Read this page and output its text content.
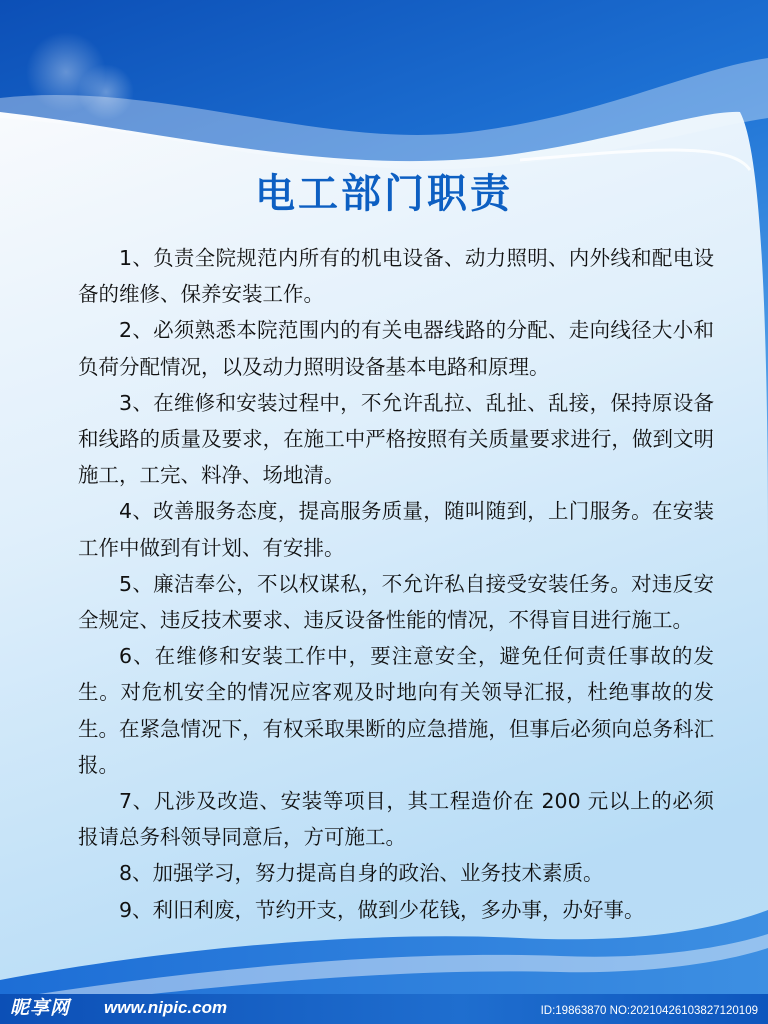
电工部门职责

1、负责全院规范内所有的机电设备、动力照明、内外线和配电设备的维修、保养安装工作。

2、必须熟悉本院范围内的有关电器线路的分配、走向线径大小和负荷分配情况，以及动力照明设备基本电路和原理。

3、在维修和安装过程中，不允许乱拉、乱扯、乱接，保持原设备和线路的质量及要求，在施工中严格按照有关质量要求进行，做到文明施工，工完、料净、场地清。

4、改善服务态度，提高服务质量，随叫随到，上门服务。在安装工作中做到有计划、有安排。

5、廉洁奉公，不以权谋私，不允许私自接受安装任务。对违反安全规定、违反技术要求、违反设备性能的情况，不得盲目进行施工。

6、在维修和安装工作中，要注意安全，避免任何责任事故的发生。对危机安全的情况应客观及时地向有关领导汇报，杜绝事故的发生。在紧急情况下，有权采取果断的应急措施，但事后必须向总务科汇报。

7、凡涉及改造、安装等项目，其工程造价在 200 元以上的必须报请总务科领导同意后，方可施工。

8、加强学习，努力提高自身的政治、业务技术素质。

9、利旧利废，节约开支，做到少花钱，多办事，办好事。

昵享网 www.nipic.com	ID:19863870 NO:20210426103827120109
